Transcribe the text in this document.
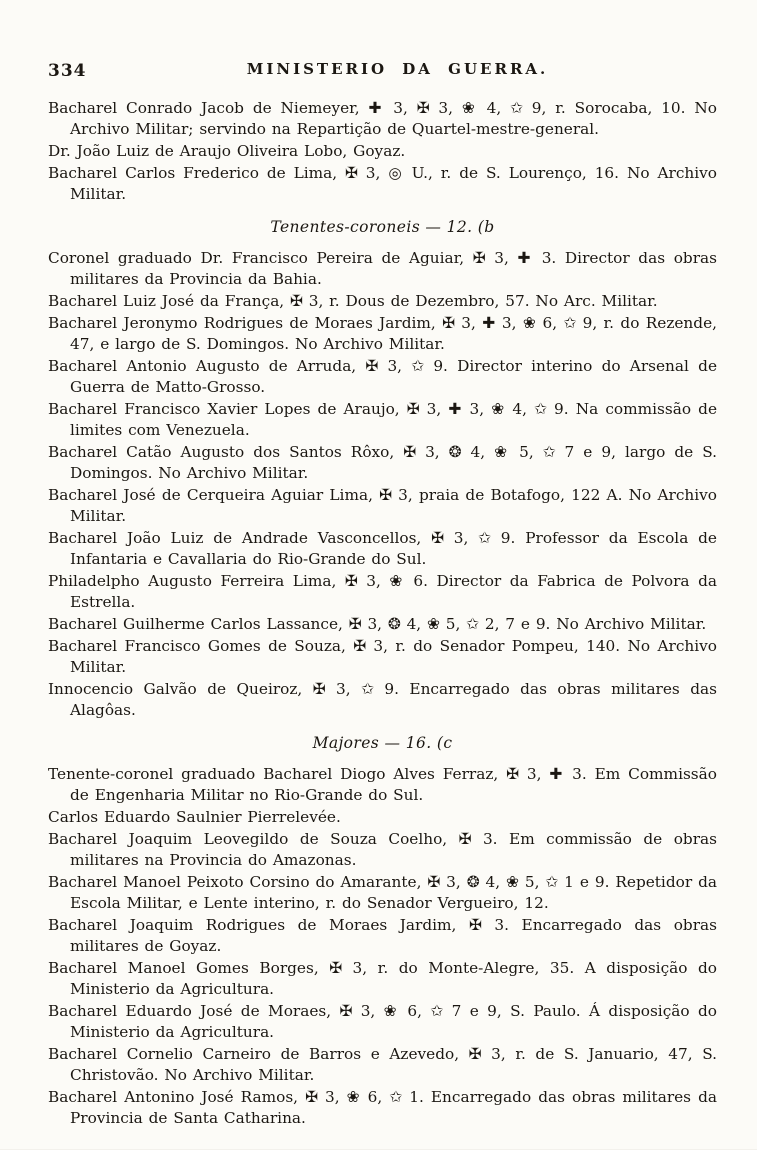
334	MINISTERIO DA GUERRA.

Bacharel Conrado Jacob de Niemeyer, ✚ 3, ✠ 3, ❀ 4, ✩ 9, r. Sorocaba, 10. No Archivo Militar; servindo na Repartição de Quartel-mestre-general.

Dr. João Luiz de Araujo Oliveira Lobo, Goyaz.

Bacharel Carlos Frederico de Lima, ✠ 3, ◎ U., r. de S. Lourenço, 16. No Archivo Militar.

Tenentes-coroneis — 12. (b

Coronel graduado Dr. Francisco Pereira de Aguiar, ✠ 3, ✚ 3. Director das obras militares da Provincia da Bahia.

Bacharel Luiz José da França, ✠ 3, r. Dous de Dezembro, 57. No Arc. Militar.

Bacharel Jeronymo Rodrigues de Moraes Jardim, ✠ 3, ✚ 3, ❀ 6, ✩ 9, r. do Rezende, 47, e largo de S. Domingos. No Archivo Militar.

Bacharel Antonio Augusto de Arruda, ✠ 3, ✩ 9. Director interino do Arsenal de Guerra de Matto-Grosso.

Bacharel Francisco Xavier Lopes de Araujo, ✠ 3, ✚ 3, ❀ 4, ✩ 9. Na commissão de limites com Venezuela.

Bacharel Catão Augusto dos Santos Rôxo, ✠ 3, ❂ 4, ❀ 5, ✩ 7 e 9, largo de S. Domingos. No Archivo Militar.

Bacharel José de Cerqueira Aguiar Lima, ✠ 3, praia de Botafogo, 122 A. No Archivo Militar.

Bacharel João Luiz de Andrade Vasconcellos, ✠ 3, ✩ 9. Professor da Escola de Infantaria e Cavallaria do Rio-Grande do Sul.

Philadelpho Augusto Ferreira Lima, ✠ 3, ❀ 6. Director da Fabrica de Polvora da Estrella.

Bacharel Guilherme Carlos Lassance, ✠ 3, ❂ 4, ❀ 5, ✩ 2, 7 e 9. No Archivo Militar.

Bacharel Francisco Gomes de Souza, ✠ 3, r. do Senador Pompeu, 140. No Archivo Militar.

Innocencio Galvão de Queiroz, ✠ 3, ✩ 9. Encarregado das obras militares das Alagôas.

Majores — 16. (c

Tenente-coronel graduado Bacharel Diogo Alves Ferraz, ✠ 3, ✚ 3. Em Commissão de Engenharia Militar no Rio-Grande do Sul.

Carlos Eduardo Saulnier Pierrelevée.

Bacharel Joaquim Leovegildo de Souza Coelho, ✠ 3. Em commissão de obras militares na Provincia do Amazonas.

Bacharel Manoel Peixoto Corsino do Amarante, ✠ 3, ❂ 4, ❀ 5, ✩ 1 e 9. Repetidor da Escola Militar, e Lente interino, r. do Senador Vergueiro, 12.

Bacharel Joaquim Rodrigues de Moraes Jardim, ✠ 3. Encarregado das obras militares de Goyaz.

Bacharel Manoel Gomes Borges, ✠ 3, r. do Monte-Alegre, 35. A disposição do Ministerio da Agricultura.

Bacharel Eduardo José de Moraes, ✠ 3, ❀ 6, ✩ 7 e 9, S. Paulo. Á disposição do Ministerio da Agricultura.

Bacharel Cornelio Carneiro de Barros e Azevedo, ✠ 3, r. de S. Januario, 47, S. Christovão. No Archivo Militar.

Bacharel Antonino José Ramos, ✠ 3, ❀ 6, ✩ 1. Encarregado das obras militares da Provincia de Santa Catharina.
